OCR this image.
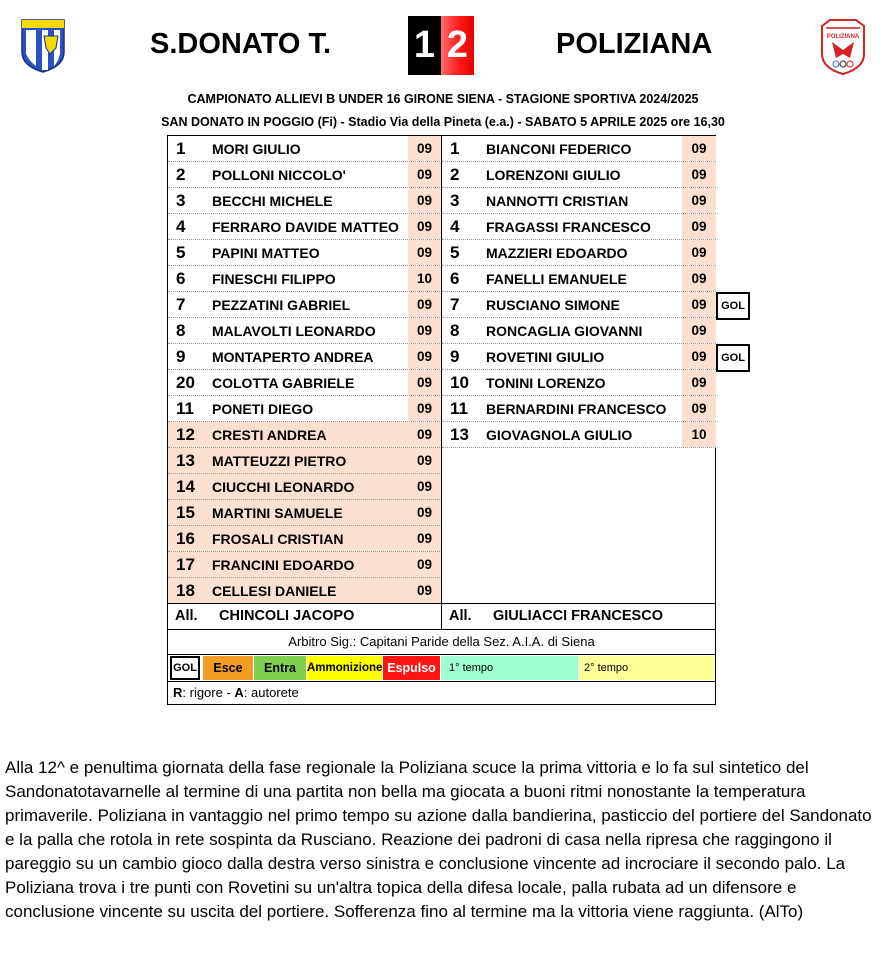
POLIZIANA
S.DONATO T. 1 2	POLIZIANA
CAMPIONATO ALLIEVI B UNDER 16 GIRONE SIENA - STAGIONE SPORTIVA 2024/2025
SAN DONATO IN POGGIO (Fi) - Stadio Via della Pineta (e.a.) - SABATO 5 APRILE 2025 ore 16,30
1 MORI GIULIO	09
2 POLLONI NICCOLO'	09
3 BECCHI MICHELE	09
4 FERRARO DAVIDE MATTEO	09
5 PAPINI MATTEO	09
6 FINESCHI FILIPPO	10
7 PEZZATINI GABRIEL	09
8 MALAVOLTI LEONARDO	09
9 MONTAPERTO ANDREA	09
20 COLOTTA GABRIELE	09
11 PONETI DIEGO	09
12 CRESTI ANDREA	09
13 MATTEUZZI PIETRO	09
14 CIUCCHI LEONARDO	09
15 MARTINI SAMUELE	09
16 FROSALI CRISTIAN	09
17 FRANCINI EDOARDO	09
18 CELLESI DANIELE	09
1 BIANCONI FEDERICO	09
2 LORENZONI GIULIO	09
3 NANNOTTI CRISTIAN	09
4 FRAGASSI FRANCESCO	09
5 MAZZIERI EDOARDO	09
6 FANELLI EMANUELE	09
7 RUSCIANO SIMONE	09	GOL
8 RONCAGLIA GIOVANNI	09
9 ROVETINI GIULIO	09	GOL
10 TONINI LORENZO	09
11 BERNARDINI FRANCESCO	09
13 GIOVAGNOLA GIULIO	10
All. CHINCOLI JACOPO	All. GIULIACCI FRANCESCO
Arbitro Sig.: Capitani Paride della Sez. A.I.A. di Siena
GOL	Esce	Entra Ammonizione Espulso	1° tempo	2° tempo
R: rigore - A: autorete
Alla 12^ e penultima giornata della fase regionale la Poliziana scuce la prima vittoria e lo fa sul sintetico del Sandonatotavarnelle al termine di una partita non bella ma giocata a buoni ritmi nonostante la temperatura primaverile. Poliziana in vantaggio nel primo tempo su azione dalla bandierina, pasticcio del portiere del Sandonato e la palla che rotola in rete sospinta da Rusciano. Reazione dei padroni di casa nella ripresa che raggingono il pareggio su un cambio gioco dalla destra verso sinistra e conclusione vincente ad incrociare il secondo palo. La Poliziana trova i tre punti con Rovetini su un'altra topica della difesa locale, palla rubata ad un difensore e conclusione vincente su uscita del portiere. Sofferenza fino al termine ma la vittoria viene raggiunta. (AlTo)
